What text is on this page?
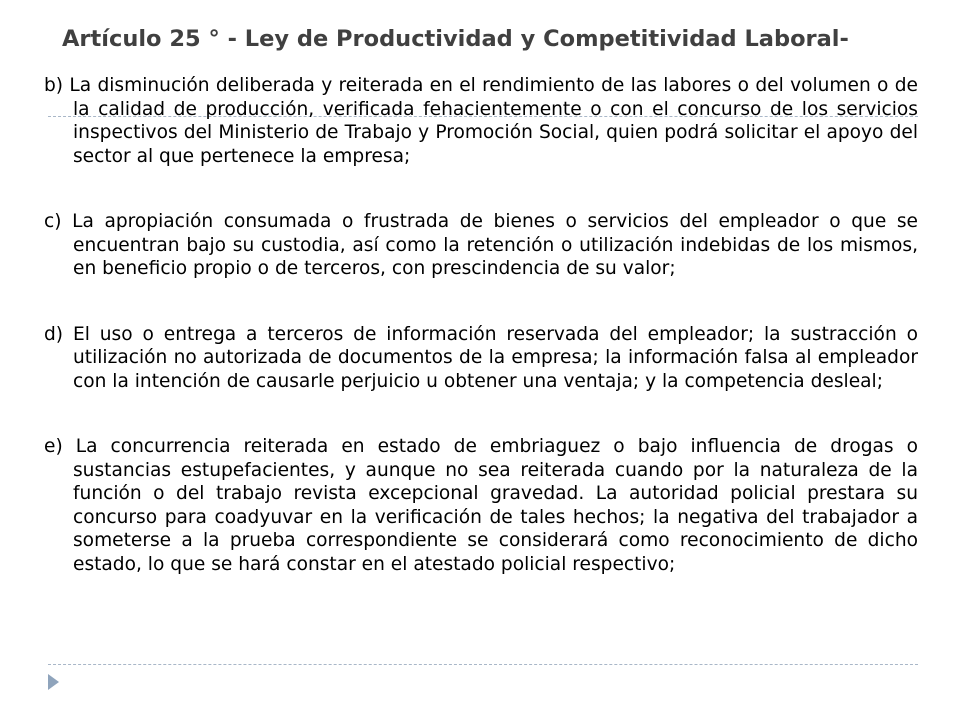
Artículo 25 ° - Ley de Productividad y Competitividad Laboral-

b) La disminución deliberada y reiterada en el rendimiento de las labores o del volumen o de la calidad de producción, verificada fehacientemente o con el concurso de los servicios inspectivos del Ministerio de Trabajo y Promoción Social, quien podrá solicitar el apoyo del sector al que pertenece la empresa;

c) La apropiación consumada o frustrada de bienes o servicios del empleador o que se encuentran bajo su custodia, así como la retención o utilización indebidas de los mismos, en beneficio propio o de terceros, con prescindencia de su valor;

d) El uso o entrega a terceros de información reservada del empleador; la sustracción o utilización no autorizada de documentos de la empresa; la información falsa al empleador con la intención de causarle perjuicio u obtener una ventaja; y la competencia desleal;

e) La concurrencia reiterada en estado de embriaguez o bajo influencia de drogas o sustancias estupefacientes, y aunque no sea reiterada cuando por la naturaleza de la función o del trabajo revista excepcional gravedad. La autoridad policial prestara su concurso para coadyuvar en la verificación de tales hechos; la negativa del trabajador a someterse a la prueba correspondiente se considerará como reconocimiento de dicho estado, lo que se hará constar en el atestado policial respectivo;
